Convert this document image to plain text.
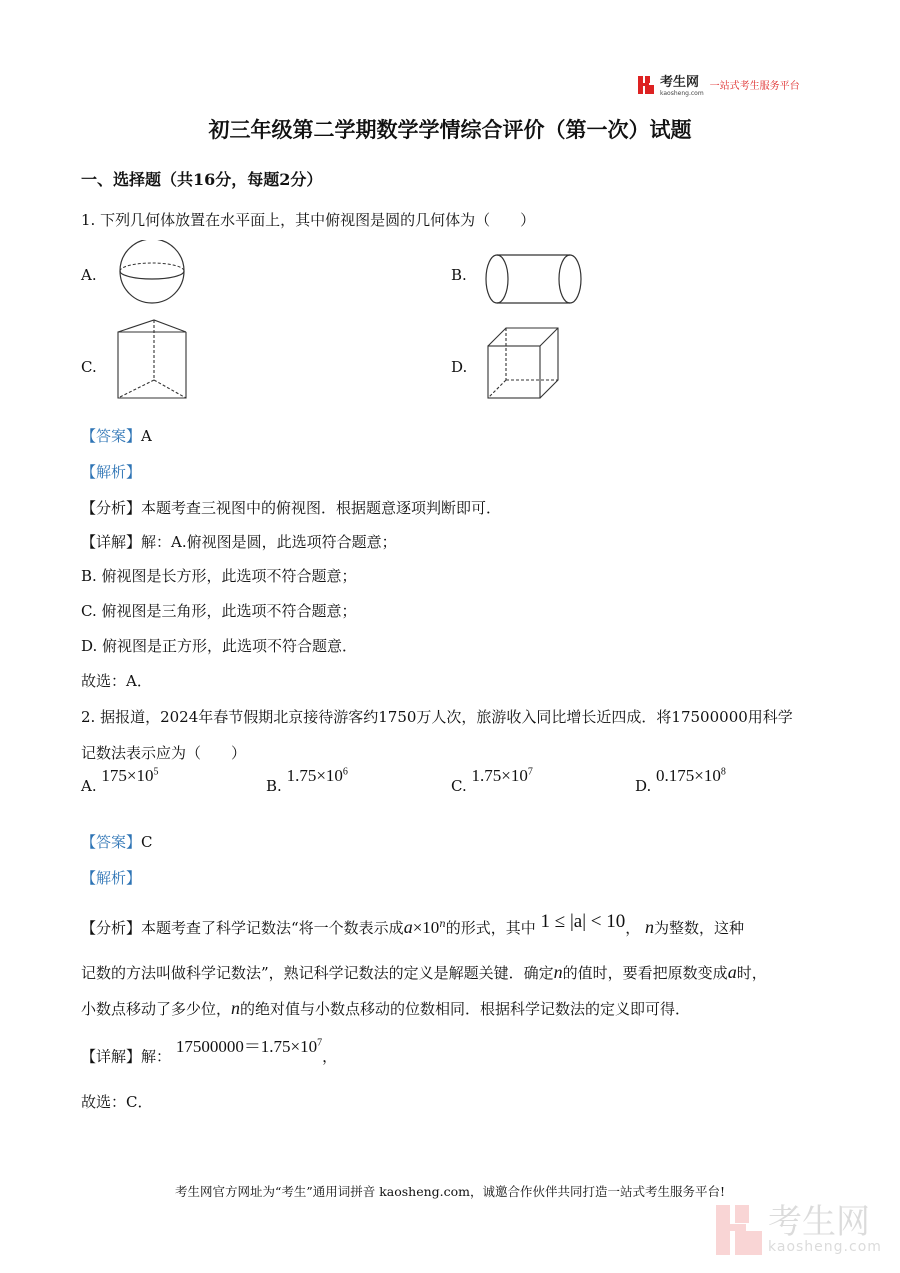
考生网
kaosheng.com
一站式考生服务平台
初三年级第二学期数学学情综合评价（第一次）试题
一、选择题（共16分，每题2分）
1. 下列几何体放置在水平面上，其中俯视图是圆的几何体为（　　）
A.	B.
C.	D.
【答案】A
【解析】
【分析】本题考查三视图中的俯视图．根据题意逐项判断即可．
【详解】解：A.俯视图是圆，此选项符合题意；
B. 俯视图是长方形，此选项不符合题意；
C. 俯视图是三角形，此选项不符合题意；
D. 俯视图是正方形，此选项不符合题意．
故选：A．
2. 据报道，2024年春节假期北京接待游客约1750万人次，旅游收入同比增长近四成．将17500000用科学
记数法表示应为（　　）
A. $175\times 10^5$
B. $1.75\times 10^6$
C. $1.75\times 10^7$
D. $0.175\times 10^8$
【答案】C
【解析】
【分析】本题考查了科学记数法“将一个数表示成$a\times 10^n$的形式，其中 1 ≤ |a| < 10， n为整数，这种
记数的方法叫做科学记数法”，熟记科学记数法的定义是解题关键．确定n的值时，要看把原数变成a时，
小数点移动了多少位，n的绝对值与小数点移动的位数相同．根据科学记数法的定义即可得．
【详解】解： $17500000=1.75\times 10^7$，
故选：C．
考生网官方网址为“考生”通用词拼音 kaosheng.com，诚邀合作伙伴共同打造一站式考生服务平台!
考生网
kaosheng.com
